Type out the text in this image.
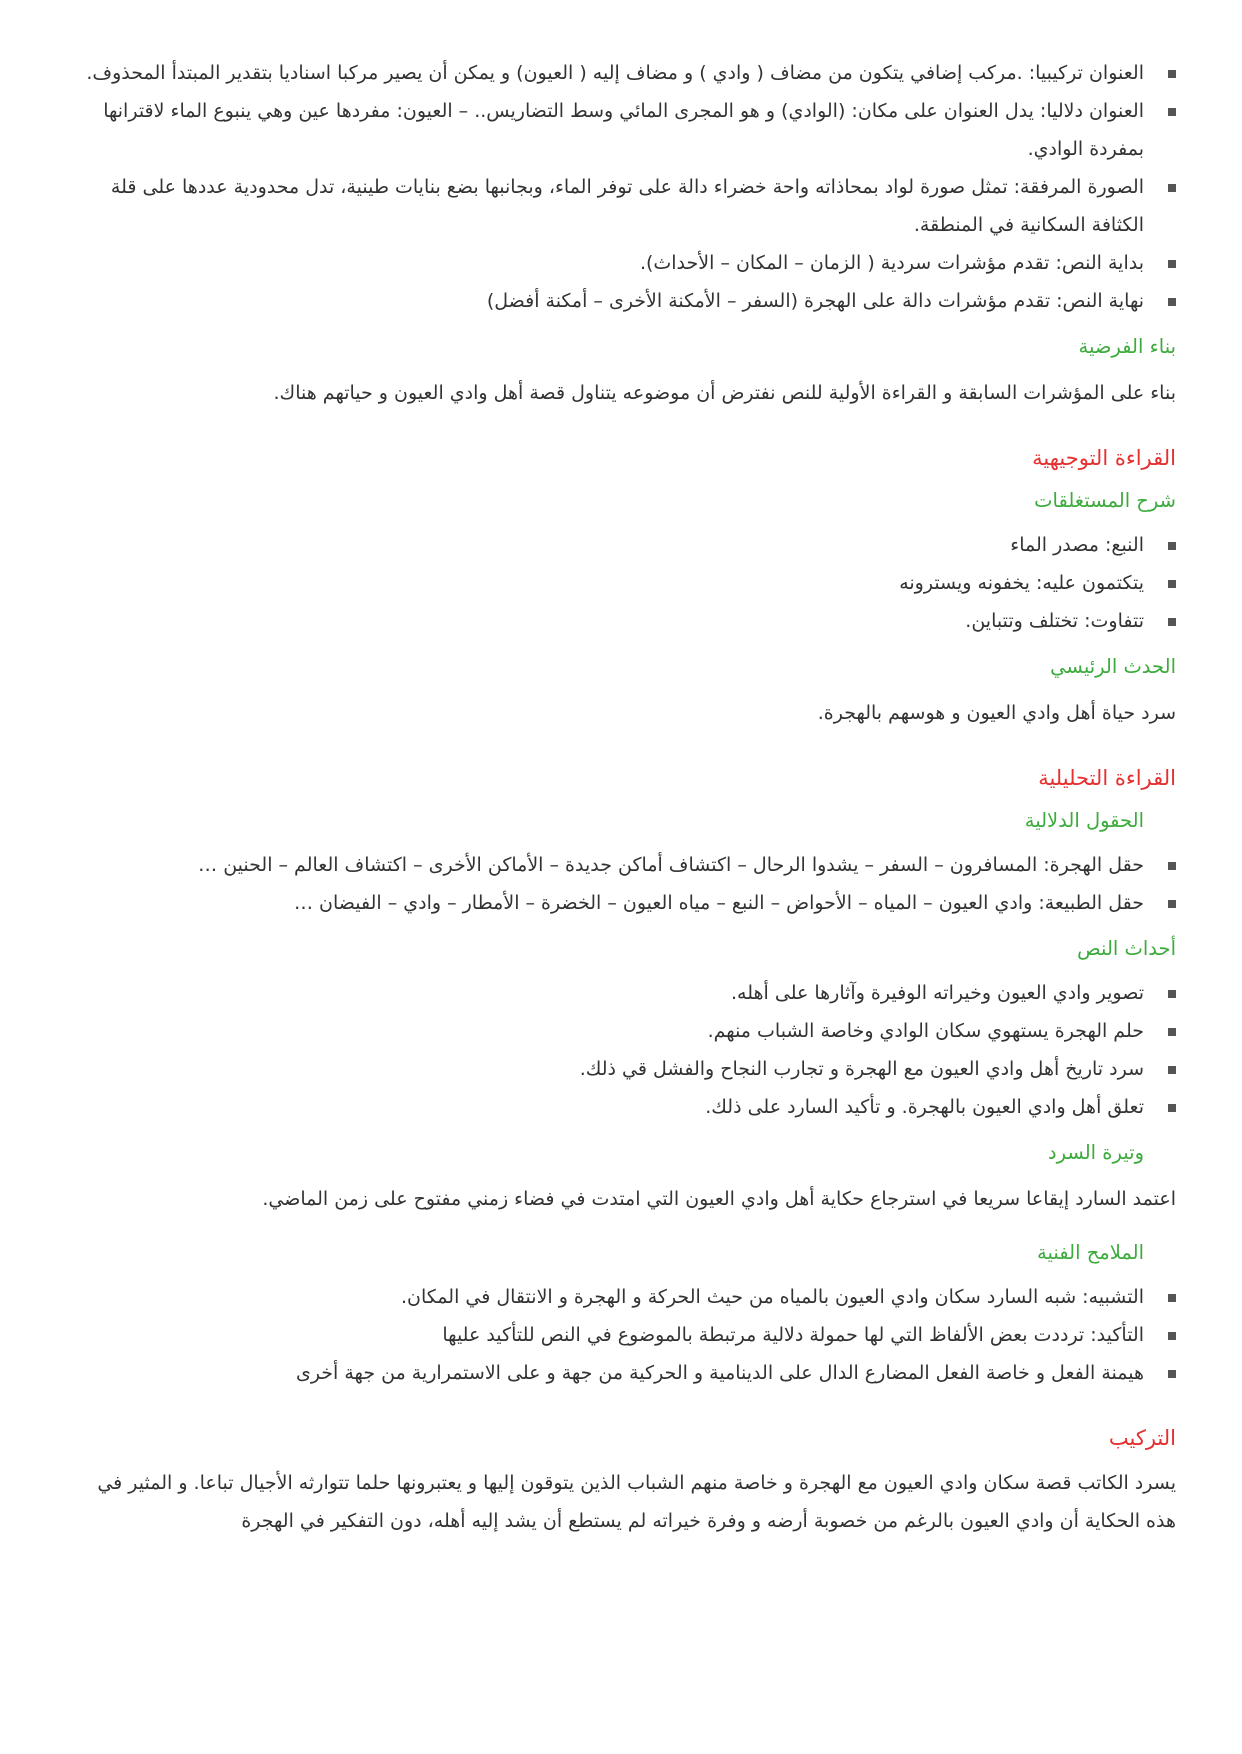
العنوان تركيبيا: .مركب إضافي يتكون من مضاف ( وادي ) و مضاف إليه ( العيون) و يمكن أن يصير مركبا اسناديا بتقدير المبتدأ المحذوف.
العنوان دلاليا: يدل العنوان على مكان: (الوادي) و هو المجرى المائي وسط التضاريس.. – العيون: مفردها عين وهي ينبوع الماء لاقترانها بمفردة الوادي.
الصورة المرفقة: تمثل صورة لواد بمحاذاته واحة خضراء دالة على توفر الماء، وبجانبها بضع بنايات طينية، تدل محدودية عددها على قلة الكثافة السكانية في المنطقة.
بداية النص: تقدم مؤشرات سردية ( الزمان – المكان – الأحداث).
نهاية النص: تقدم مؤشرات دالة على الهجرة (السفر – الأمكنة الأخرى – أمكنة أفضل)
بناء الفرضية

بناء على المؤشرات السابقة و القراءة الأولية للنص نفترض أن موضوعه يتناول قصة أهل وادي العيون و حياتهم هناك.

القراءة التوجيهية
شرح المستغلقات
النبع: مصدر الماء
يتكتمون عليه: يخفونه ويسترونه
تتفاوت: تختلف وتتباين.
الحدث الرئيسي

سرد حياة أهل وادي العيون و هوسهم بالهجرة.

القراءة التحليلية
الحقول الدلالية
حقل الهجرة: المسافرون – السفر – يشدوا الرحال – اكتشاف أماكن جديدة – الأماكن الأخرى – اكتشاف العالم – الحنين …
حقل الطبيعة: وادي العيون – المياه – الأحواض – النبع – مياه العيون – الخضرة – الأمطار – وادي – الفيضان …
أحداث النص
تصوير وادي العيون وخيراته الوفيرة وآثارها على أهله.
حلم الهجرة يستهوي سكان الوادي وخاصة الشباب منهم.
سرد تاريخ أهل وادي العيون مع الهجرة و تجارب النجاح والفشل قي ذلك.
تعلق أهل وادي العيون بالهجرة. و تأكيد السارد على ذلك.
وتيرة السرد

اعتمد السارد إيقاعا سريعا في استرجاع حكاية أهل وادي العيون التي امتدت في فضاء زمني مفتوح على زمن الماضي.

الملامح الفنية
التشبيه: شبه السارد سكان وادي العيون بالمياه من حيث الحركة و الهجرة و الانتقال في المكان.
التأكيد: ترددت بعض الألفاظ التي لها حمولة دلالية مرتبطة بالموضوع في النص للتأكيد عليها
هيمنة الفعل و خاصة الفعل المضارع الدال على الدينامية و الحركية من جهة و على الاستمرارية من جهة أخرى
التركيب

يسرد الكاتب قصة سكان وادي العيون مع الهجرة و خاصة منهم الشباب الذين يتوقون إليها و يعتبرونها حلما تتوارثه الأجيال تباعا. و المثير في هذه الحكاية أن وادي العيون بالرغم من خصوبة أرضه و وفرة خيراته لم يستطع أن يشد إليه أهله، دون التفكير في الهجرة
